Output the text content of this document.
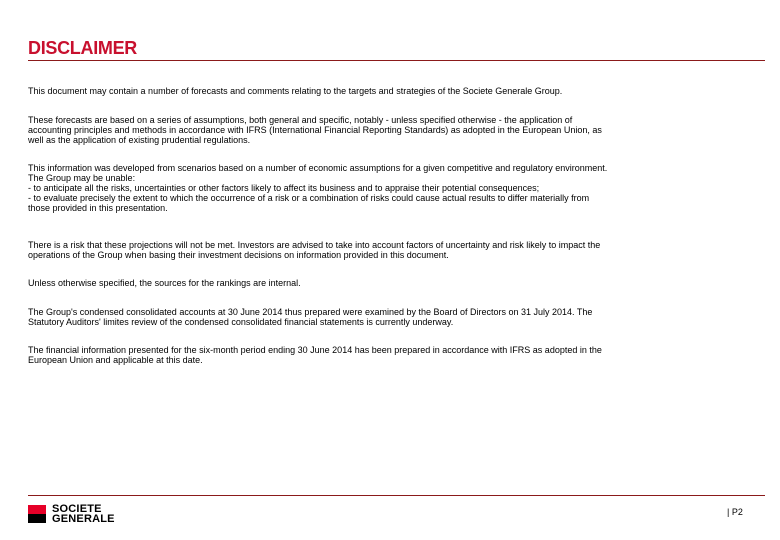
DISCLAIMER
This document may contain a number of forecasts and comments relating to the targets and strategies of the Societe Generale Group.
These forecasts are based on a series of assumptions, both general and specific, notably - unless specified otherwise - the application of
accounting principles and methods in accordance with IFRS (International Financial Reporting Standards) as adopted in the European Union, as
well as the application of existing prudential regulations.
This information was developed from scenarios based on a number of economic assumptions for a given competitive and regulatory environment.
The Group may be unable:
- to anticipate all the risks, uncertainties or other factors likely to affect its business and to appraise their potential consequences;
- to evaluate precisely the extent to which the occurrence of a risk or a combination of risks could cause actual results to differ materially from
those provided in this presentation.
There is a risk that these projections will not be met. Investors are advised to take into account factors of uncertainty and risk likely to impact the
operations of the Group when basing their investment decisions on information provided in this document.
Unless otherwise specified, the sources for the rankings are internal.
The Group's condensed consolidated accounts at 30 June 2014 thus prepared were examined by the Board of Directors on 31 July 2014. The
Statutory Auditors' limites review of the condensed consolidated financial statements is currently underway.
The financial information presented for the six-month period ending 30 June 2014 has been prepared in accordance with IFRS as adopted in the
European Union and applicable at this date.
SOCIETE
GENERALE
| P2
